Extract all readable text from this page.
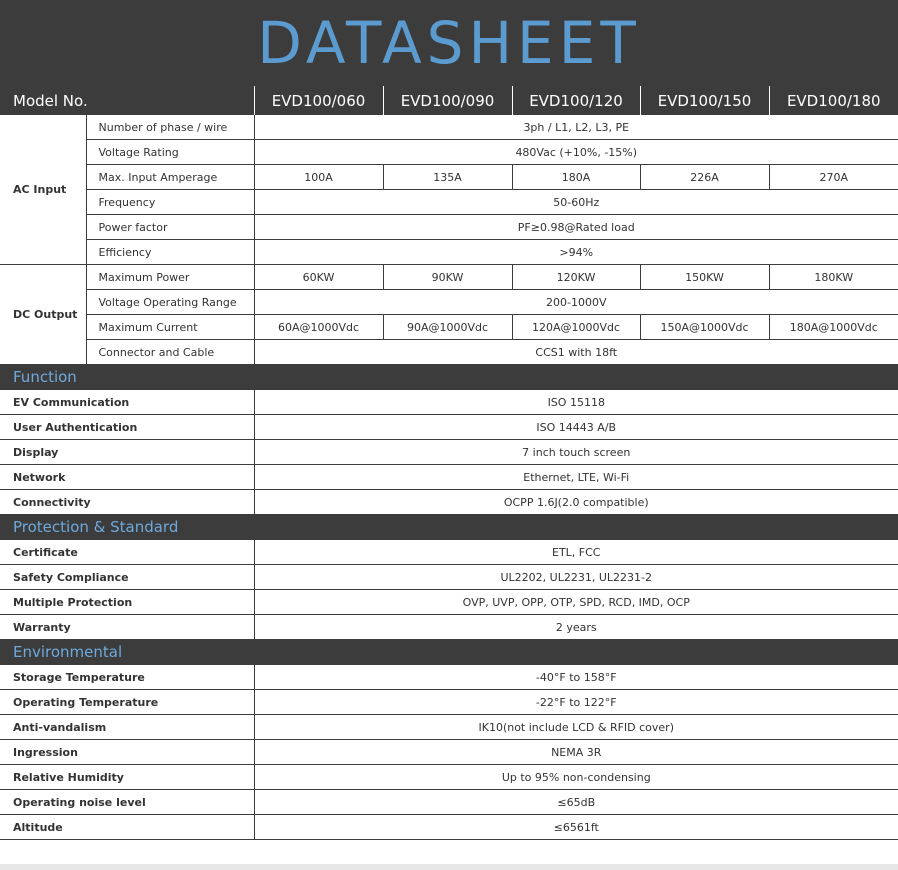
DATASHEET
Model No.		EVD100/060	EVD100/090	EVD100/120	EVD100/150	EVD100/180
AC Input	Number of phase / wire	3ph / L1, L2, L3, PE				
	Voltage Rating	480Vac (+10%, -15%)				
	Max. Input Amperage	100A	135A	180A	226A	270A
	Frequency	50-60Hz				
	Power factor	PF≥0.98@Rated load				
	Efficiency	>94%				
DC Output	Maximum Power	60KW	90KW	120KW	150KW	180KW
	Voltage Operating Range	200-1000V				
	Maximum Current	60A@1000Vdc	90A@1000Vdc	120A@1000Vdc	150A@1000Vdc	180A@1000Vdc
	Connector and Cable	CCS1 with 18ft				
Function						
EV Communication		ISO 15118				
User Authentication		ISO 14443 A/B				
Display		7 inch touch screen				
Network		Ethernet, LTE, Wi-Fi				
Connectivity		OCPP 1.6J(2.0 compatible)				
Protection & Standard						
Certificate		ETL, FCC				
Safety Compliance		UL2202, UL2231, UL2231-2				
Multiple Protection		OVP, UVP, OPP, OTP, SPD, RCD, IMD, OCP				
Warranty		2 years				
Environmental						
Storage Temperature		-40°F to 158°F				
Operating Temperature		-22°F to 122°F				
Anti-vandalism		IK10(not include LCD & RFID cover)				
Ingression		NEMA 3R				
Relative Humidity		Up to 95% non-condensing				
Operating noise level		≤65dB				
Altitude		≤6561ft				
